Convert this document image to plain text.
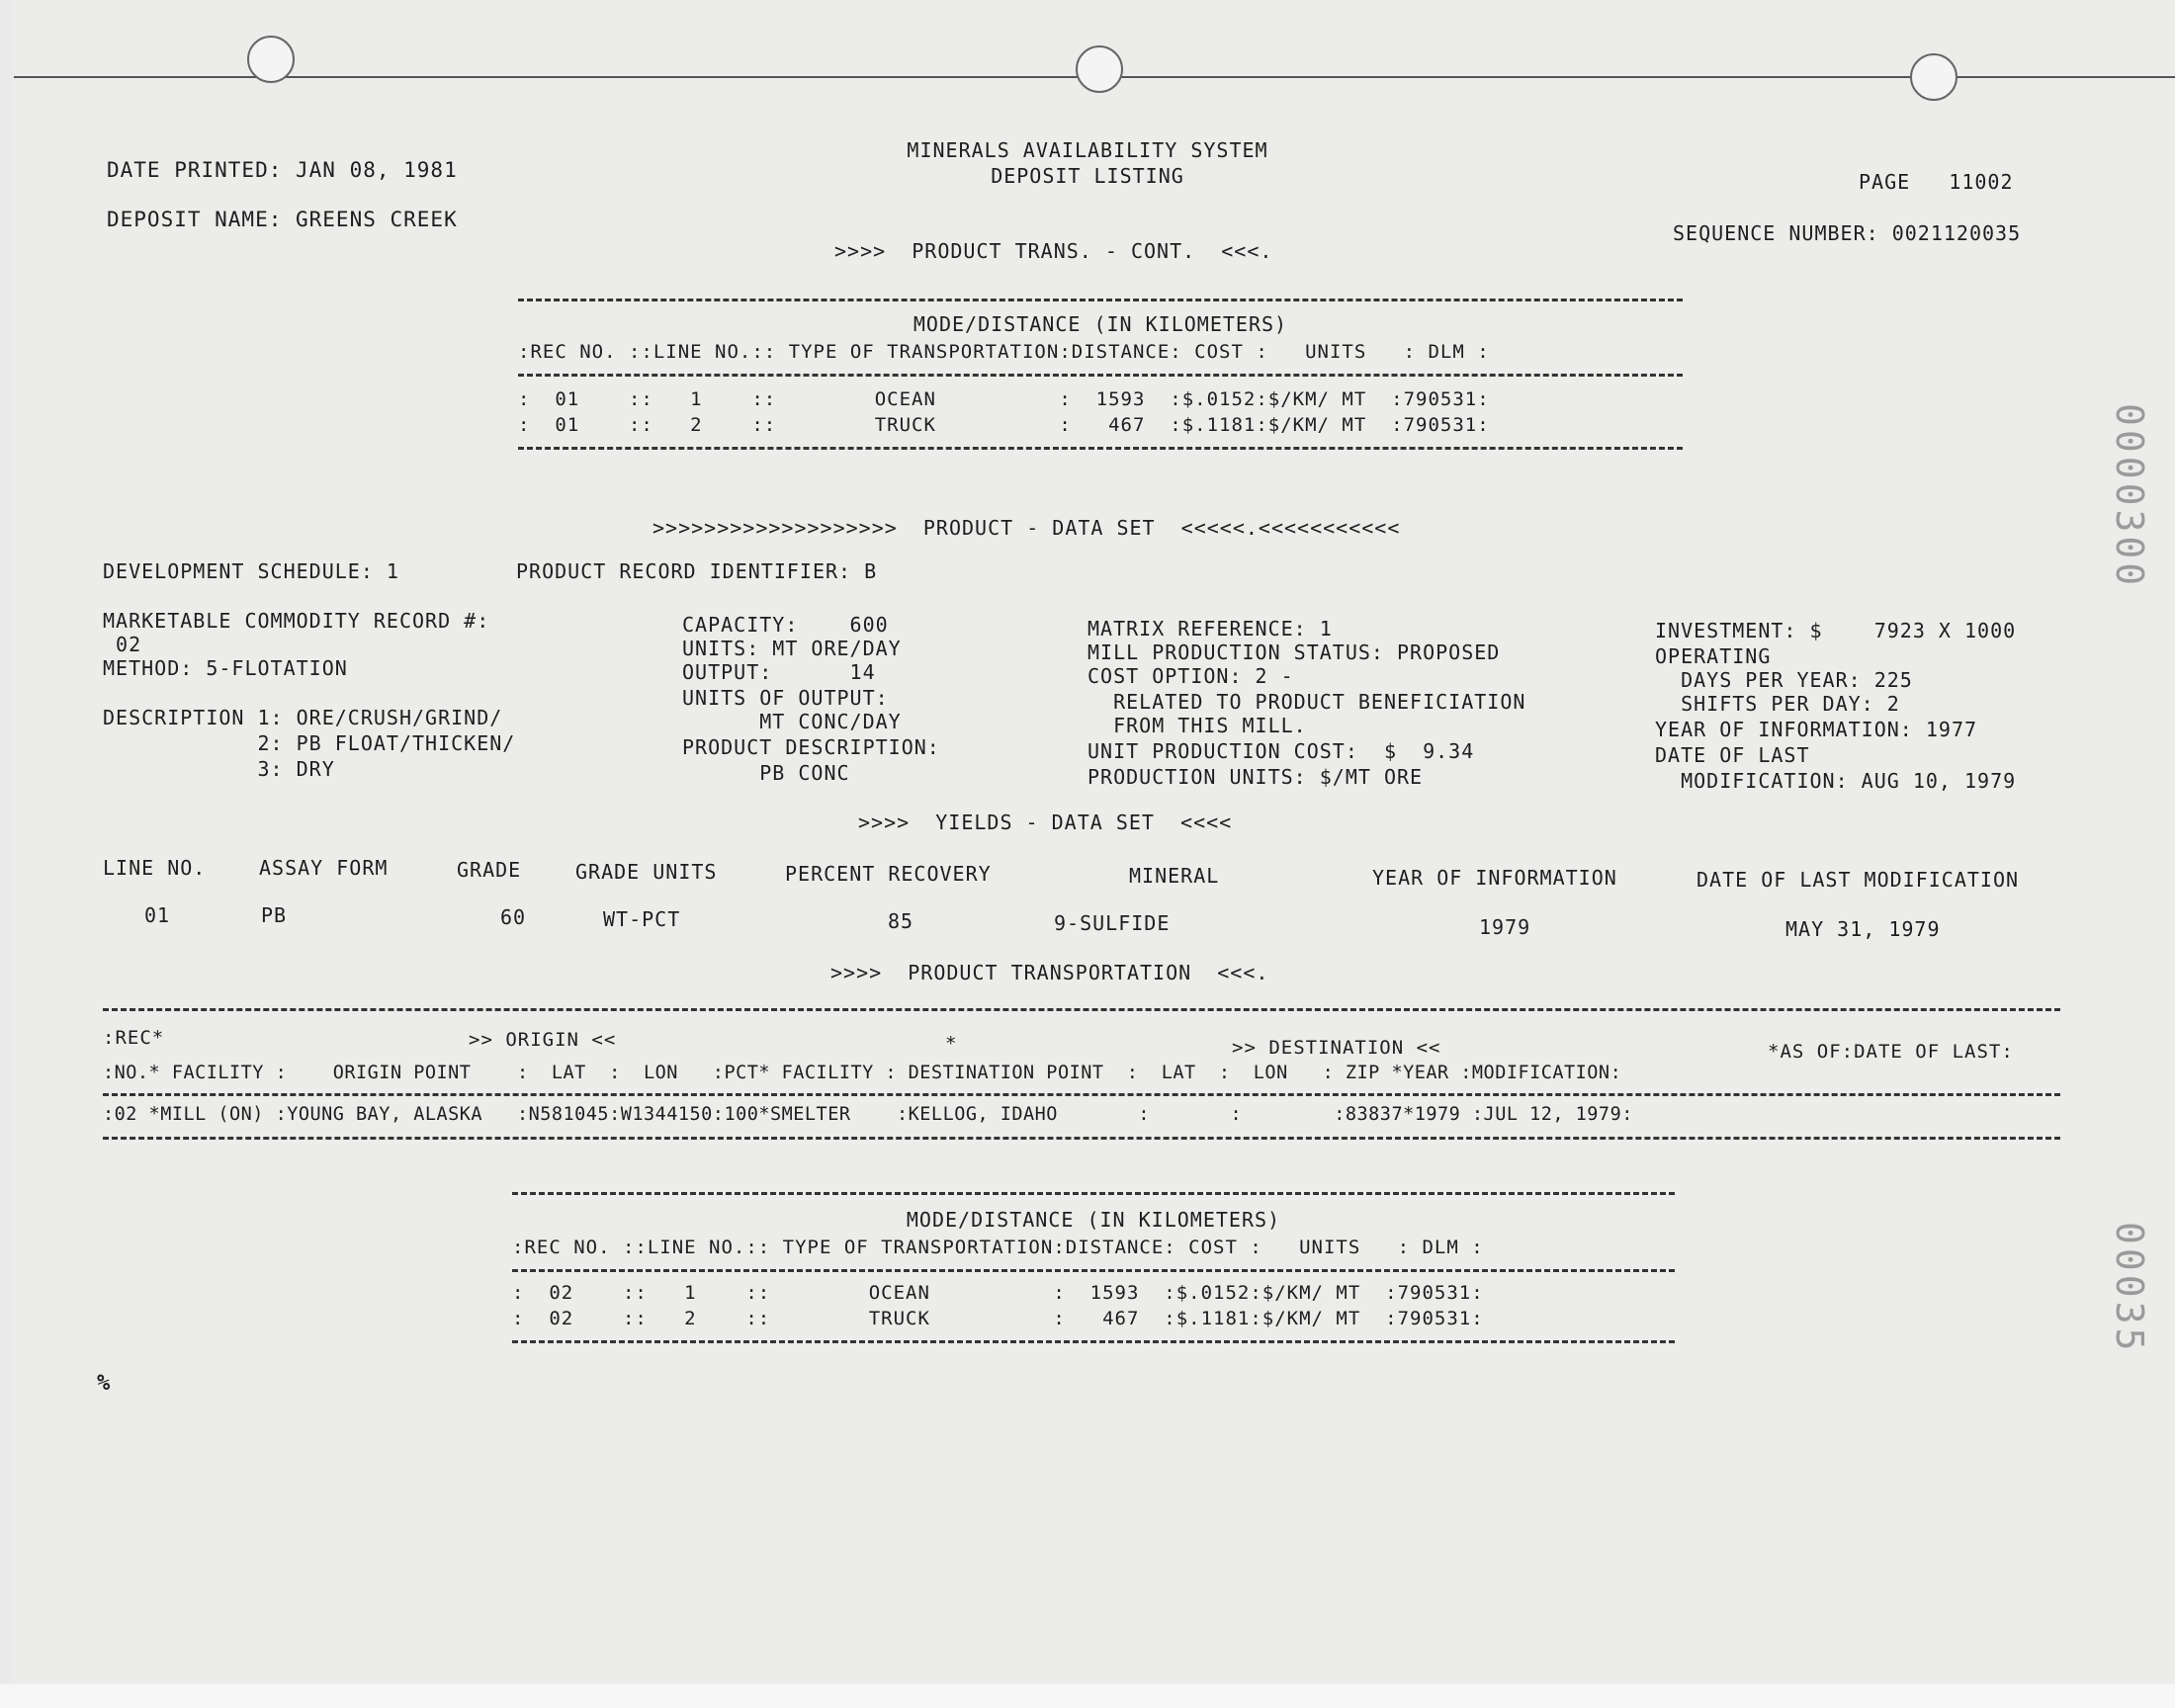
DATE PRINTED: JAN 08, 1981
DEPOSIT NAME: GREENS CREEK
MINERALS AVAILABILITY SYSTEM
DEPOSIT LISTING	PAGE   11002
SEQUENCE NUMBER: 0021120035
>>>>  PRODUCT TRANS. - CONT.  <<<.
MODE/DISTANCE (IN KILOMETERS)
:REC NO. ::LINE NO.:: TYPE OF TRANSPORTATION:DISTANCE: COST :   UNITS   : DLM :
:  01    ::   1    ::        OCEAN          :  1593  :$.0152:$/KM/ MT  :790531:
:  01    ::   2    ::        TRUCK          :   467  :$.1181:$/KM/ MT  :790531:
>>>>>>>>>>>>>>>>>>>  PRODUCT - DATA SET  <<<<<.<<<<<<<<<<<
DEVELOPMENT SCHEDULE: 1	PRODUCT RECORD IDENTIFIER: B
MARKETABLE COMMODITY RECORD #:
02
METHOD: 5-FLOTATION
DESCRIPTION 1: ORE/CRUSH/GRIND/
2: PB FLOAT/THICKEN/
3: DRY
CAPACITY:    600
UNITS: MT ORE/DAY
OUTPUT:      14
UNITS OF OUTPUT:
MT CONC/DAY
PRODUCT DESCRIPTION:
PB CONC
MATRIX REFERENCE: 1
MILL PRODUCTION STATUS: PROPOSED
COST OPTION: 2 -
RELATED TO PRODUCT BENEFICIATION
FROM THIS MILL.
UNIT PRODUCTION COST:  $  9.34
PRODUCTION UNITS: $/MT ORE
INVESTMENT: $    7923 X 1000
OPERATING
DAYS PER YEAR: 225
SHIFTS PER DAY: 2
YEAR OF INFORMATION: 1977
DATE OF LAST
MODIFICATION: AUG 10, 1979
>>>>  YIELDS - DATA SET  <<<<
LINE NO.	ASSAY FORM	GRADE	GRADE UNITS	PERCENT RECOVERY	MINERAL	YEAR OF INFORMATION	DATE OF LAST MODIFICATION
01	PB	60	WT-PCT	85	9-SULFIDE	1979	MAY 31, 1979
>>>>  PRODUCT TRANSPORTATION  <<<.
:REC*	>> ORIGIN <<	*	>> DESTINATION <<	*AS OF:DATE OF LAST:
:NO.* FACILITY :    ORIGIN POINT    :  LAT  :  LON   :PCT* FACILITY : DESTINATION POINT  :  LAT  :  LON   : ZIP *YEAR :MODIFICATION:
:02 *MILL (ON) :YOUNG BAY, ALASKA   :N581045:W1344150:100*SMELTER    :KELLOG, IDAHO       :       :        :83837*1979 :JUL 12, 1979:
MODE/DISTANCE (IN KILOMETERS)
:REC NO. ::LINE NO.:: TYPE OF TRANSPORTATION:DISTANCE: COST :   UNITS   : DLM :
:  02    ::   1    ::        OCEAN          :  1593  :$.0152:$/KM/ MT  :790531:
:  02    ::   2    ::        TRUCK          :   467  :$.1181:$/KM/ MT  :790531:
%
0000300
00035
